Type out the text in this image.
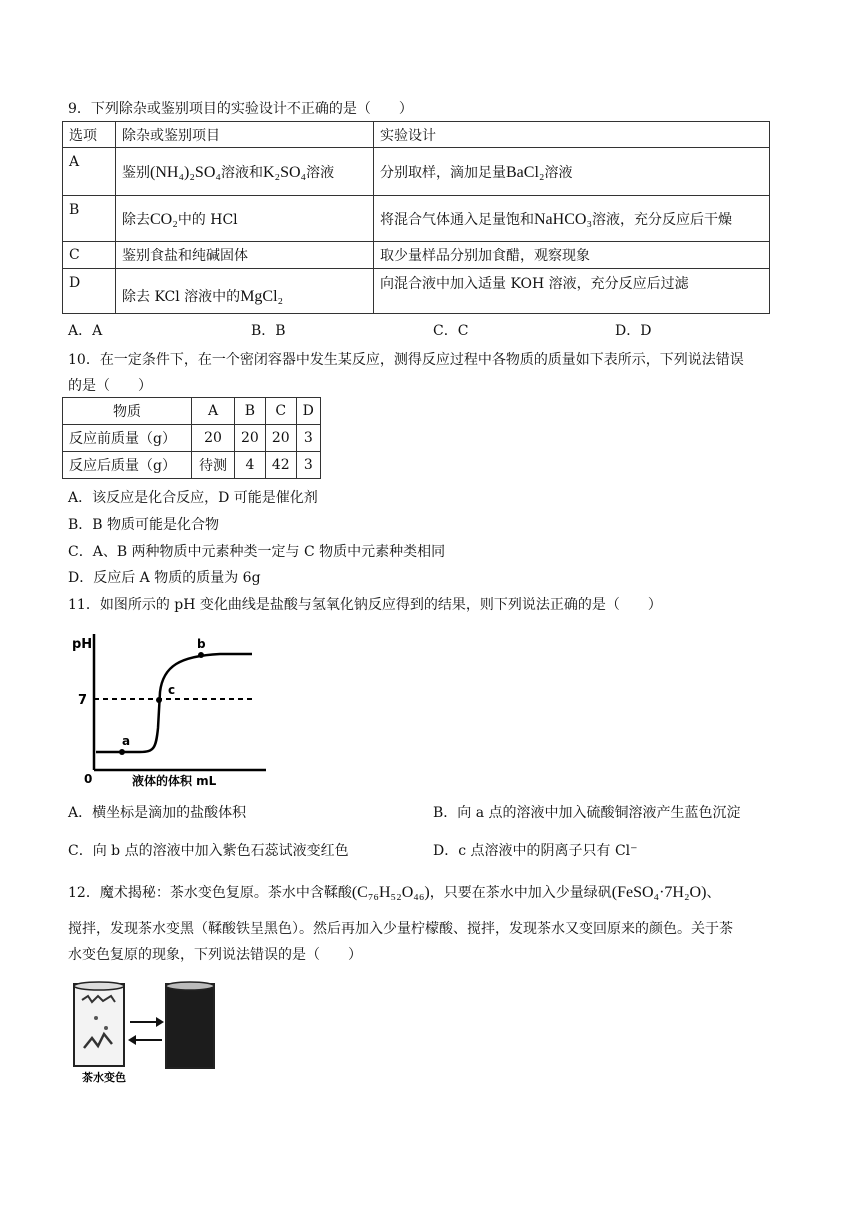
9．下列除杂或鉴别项目的实验设计不正确的是（　　）
选项	除杂或鉴别项目	实验设计
A	鉴别(NH₄)₂SO₄溶液和K₂SO₄溶液	分别取样，滴加足量BaCl₂溶液
B	除去CO₂中的 HCl	将混合气体通入足量饱和NaHCO₃溶液，充分反应后干燥
C	鉴别食盐和纯碱固体	取少量样品分别加食醋，观察现象
D	除去 KCl 溶液中的MgCl₂	向混合液中加入适量 KOH 溶液，充分反应后过滤
A．A	B．B	C．C	D．D
10．在一定条件下，在一个密闭容器中发生某反应，测得反应过程中各物质的质量如下表所示，下列说法错误
的是（　　）
物质	A	B	C	D
反应前质量（g）	20	20	20	3
反应后质量（g）	待测	4	42	3
A．该反应是化合反应，D 可能是催化剂
B．B 物质可能是化合物
C．A、B 两种物质中元素种类一定与 C 物质中元素种类相同
D．反应后 A 物质的质量为 6g
11．如图所示的 pH 变化曲线是盐酸与氢氧化钠反应得到的结果，则下列说法正确的是（　　）
pH
7
0
a
b
c
液体的体积 mL
A．横坐标是滴加的盐酸体积	B．向 a 点的溶液中加入硫酸铜溶液产生蓝色沉淀
C．向 b 点的溶液中加入紫色石蕊试液变红色	D．c 点溶液中的阴离子只有 Cl⁻
12．魔术揭秘：茶水变色复原。茶水中含鞣酸(C₇₆H₅₂O₄₆)，只要在茶水中加入少量绿矾(FeSO₄·7H₂O)、
搅拌，发现茶水变黑（鞣酸铁呈黑色）。然后再加入少量柠檬酸、搅拌，发现茶水又变回原来的颜色。关于茶
水变色复原的现象，下列说法错误的是（　　）
茶水变色
